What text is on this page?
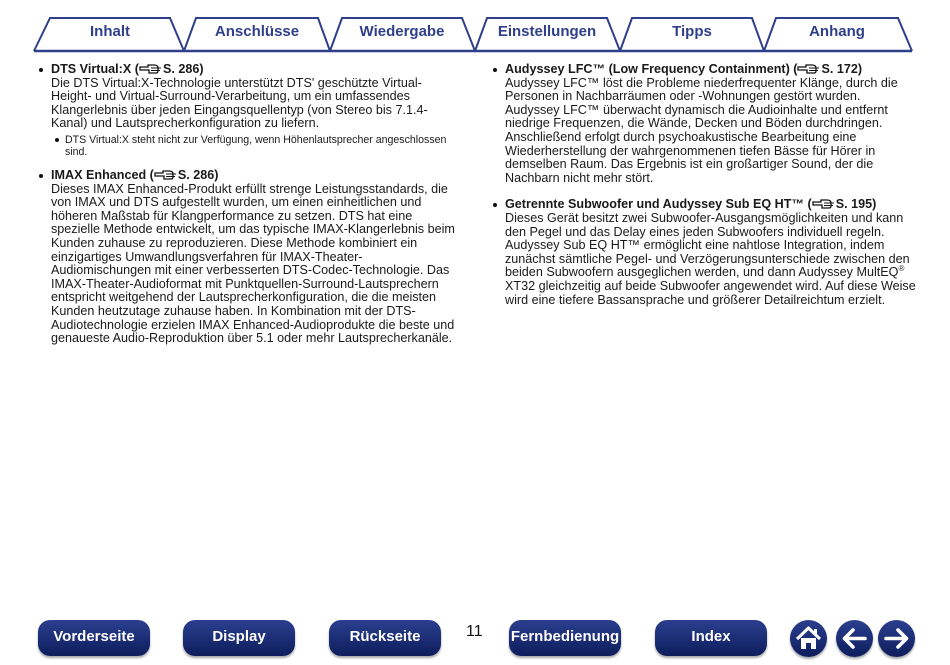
Inhalt	Anschlüsse	Wiedergabe	Einstellungen	Tipps	Anhang
DTS Virtual:X ( S. 286)

Die DTS Virtual:X-Technologie unterstützt DTS' geschützte Virtual-Height- und Virtual-Surround-Verarbeitung, um ein umfassendes Klangerlebnis über jeden Eingangsquellentyp (von Stereo bis 7.1.4-Kanal) und Lautsprecherkonfiguration zu liefern.

DTS Virtual:X steht nicht zur Verfügung, wenn Höhenlautsprecher angeschlossen sind.
IMAX Enhanced ( S. 286)

Dieses IMAX Enhanced-Produkt erfüllt strenge Leistungsstandards, die von IMAX und DTS aufgestellt wurden, um einen einheitlichen und höheren Maßstab für Klangperformance zu setzen. DTS hat eine spezielle Methode entwickelt, um das typische IMAX-Klangerlebnis beim Kunden zuhause zu reproduzieren. Diese Methode kombiniert ein einzigartiges Umwandlungsverfahren für IMAX-Theater-Audiomischungen mit einer verbesserten DTS-Codec-Technologie. Das IMAX-Theater-Audioformat mit Punktquellen-Surround-Lautsprechern entspricht weitgehend der Lautsprecherkonfiguration, die die meisten Kunden heutzutage zuhause haben. In Kombination mit der DTS-Audiotechnologie erzielen IMAX Enhanced-Audioprodukte die beste und genaueste Audio-Reproduktion über 5.1 oder mehr Lautsprecherkanäle.

Audyssey LFC™ (Low Frequency Containment) ( S. 172)

Audyssey LFC™ löst die Probleme niederfrequenter Klänge, durch die Personen in Nachbarräumen oder -Wohnungen gestört wurden. Audyssey LFC™ überwacht dynamisch die Audioinhalte und entfernt niedrige Frequenzen, die Wände, Decken und Böden durchdringen. Anschließend erfolgt durch psychoakustische Bearbeitung eine Wiederherstellung der wahrgenommenen tiefen Bässe für Hörer in demselben Raum. Das Ergebnis ist ein großartiger Sound, der die Nachbarn nicht mehr stört.

Getrennte Subwoofer und Audyssey Sub EQ HT™ ( S. 195)

Dieses Gerät besitzt zwei Subwoofer-Ausgangsmöglichkeiten und kann den Pegel und das Delay eines jeden Subwoofers individuell regeln. Audyssey Sub EQ HT™ ermöglicht eine nahtlose Integration, indem zunächst sämtliche Pegel- und Verzögerungsunterschiede zwischen den beiden Subwoofern ausgeglichen werden, und dann Audyssey MultEQ® XT32 gleichzeitig auf beide Subwoofer angewendet wird. Auf diese Weise wird eine tiefere Bassansprache und größerer Detailreichtum erzielt.

Vorderseite	Display	Rückseite	11 Fernbedienung	Index
